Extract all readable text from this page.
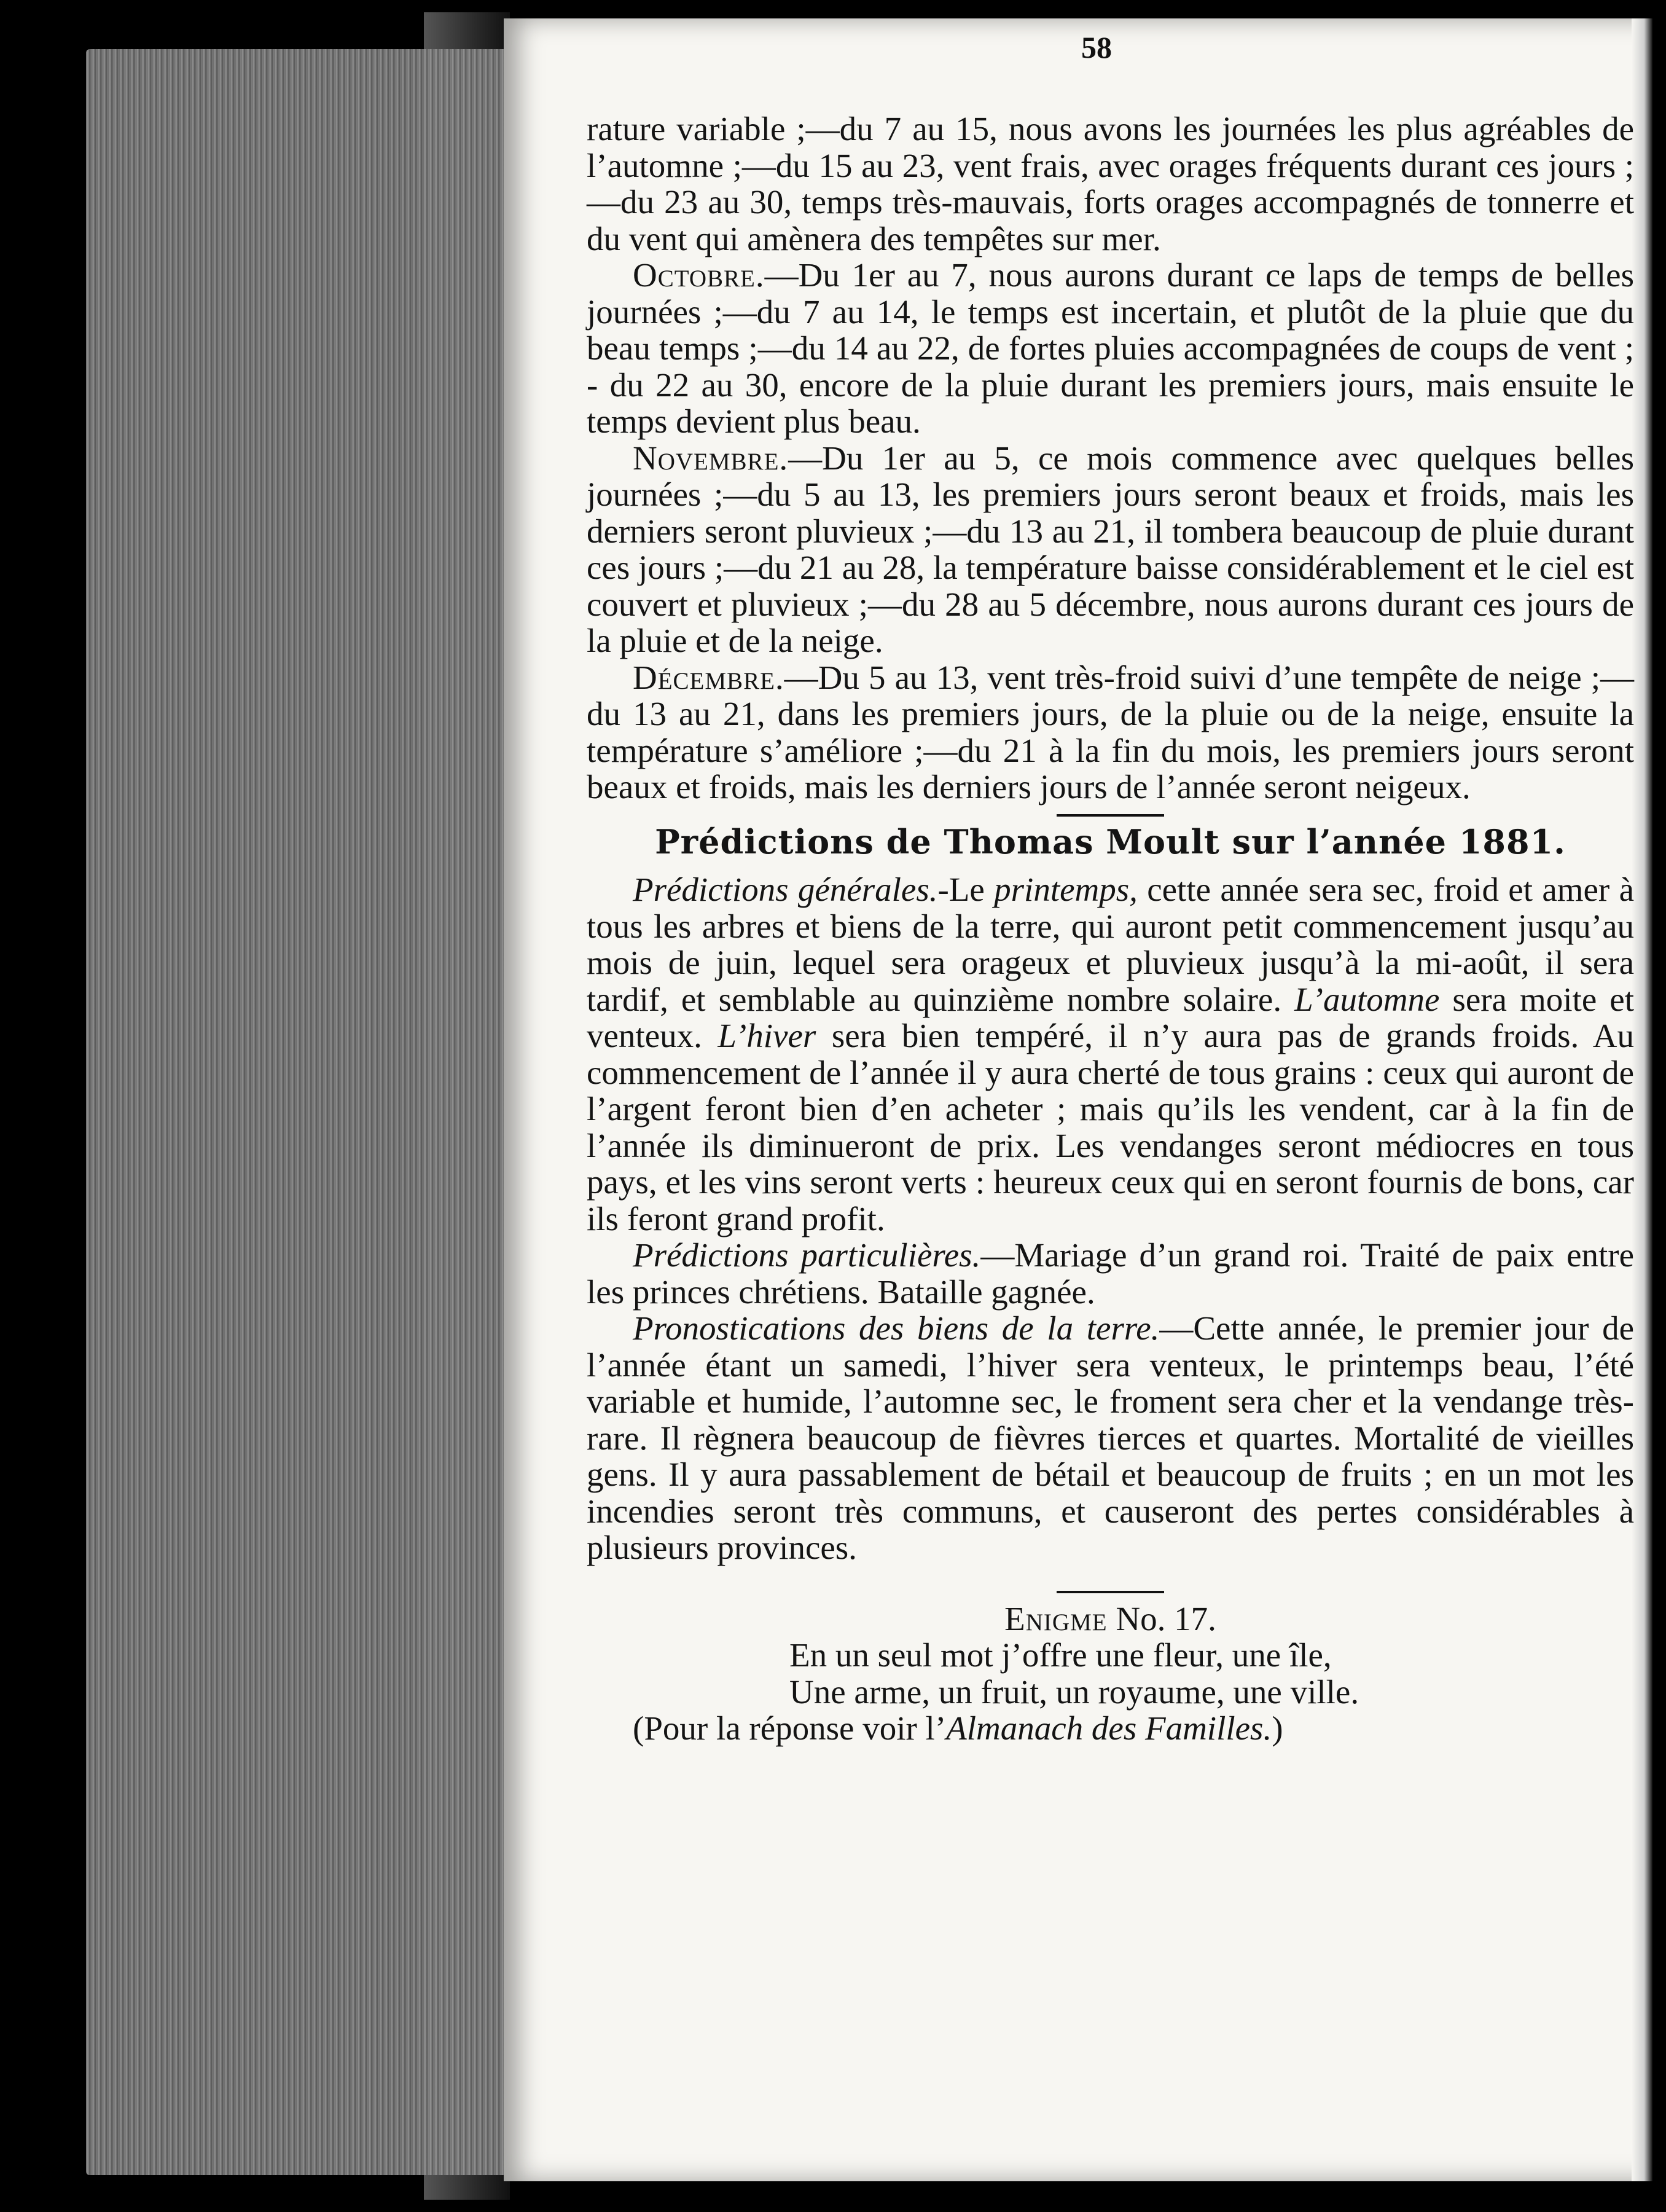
58

rature variable ;—du 7 au 15, nous avons les journées les plus agréables de l’automne ;—du 15 au 23, vent frais, avec orages fréquents durant ces jours ;—du 23 au 30, temps très-mauvais, forts orages accompagnés de tonnerre et du vent qui amènera des tempêtes sur mer.

Octobre.—Du 1er au 7, nous aurons durant ce laps de temps de belles journées ;—du 7 au 14, le temps est incertain, et plutôt de la pluie que du beau temps ;—du 14 au 22, de fortes pluies accompagnées de coups de vent ; - du 22 au 30, encore de la pluie durant les premiers jours, mais ensuite le temps devient plus beau.

Novembre.—Du 1er au 5, ce mois commence avec quelques belles journées ;—du 5 au 13, les premiers jours seront beaux et froids, mais les derniers seront pluvieux ;—du 13 au 21, il tombera beaucoup de pluie durant ces jours ;—du 21 au 28, la température baisse considérablement et le ciel est couvert et pluvieux ;—du 28 au 5 décembre, nous aurons durant ces jours de la pluie et de la neige.

Décembre.—Du 5 au 13, vent très-froid suivi d’une tempête de neige ;—du 13 au 21, dans les premiers jours, de la pluie ou de la neige, ensuite la température s’améliore ;—du 21 à la fin du mois, les premiers jours seront beaux et froids, mais les derniers jours de l’année seront neigeux.

Prédictions de Thomas Moult sur l’année 1881.

Prédictions générales.-Le printemps, cette année sera sec, froid et amer à tous les arbres et biens de la terre, qui auront petit commencement jusqu’au mois de juin, lequel sera orageux et pluvieux jusqu’à la mi-août, il sera tardif, et semblable au quinzième nombre solaire. L’automne sera moite et venteux. L’hiver sera bien tempéré, il n’y aura pas de grands froids. Au commencement de l’année il y aura cherté de tous grains : ceux qui auront de l’argent feront bien d’en acheter ; mais qu’ils les vendent, car à la fin de l’année ils diminueront de prix. Les vendanges seront médiocres en tous pays, et les vins seront verts : heureux ceux qui en seront fournis de bons, car ils feront grand profit.

Prédictions particulières.—Mariage d’un grand roi. Traité de paix entre les princes chrétiens. Bataille gagnée.

Pronostications des biens de la terre.—Cette année, le premier jour de l’année étant un samedi, l’hiver sera venteux, le printemps beau, l’été variable et humide, l’automne sec, le froment sera cher et la vendange très-rare. Il règnera beaucoup de fièvres tierces et quartes. Mortalité de vieilles gens. Il y aura passablement de bétail et beaucoup de fruits ; en un mot les incendies seront très communs, et causeront des pertes considérables à plusieurs provinces.

Enigme No. 17.
En un seul mot j’offre une fleur, une île,
Une arme, un fruit, un royaume, une ville.
(Pour la réponse voir l’Almanach des Familles.)
